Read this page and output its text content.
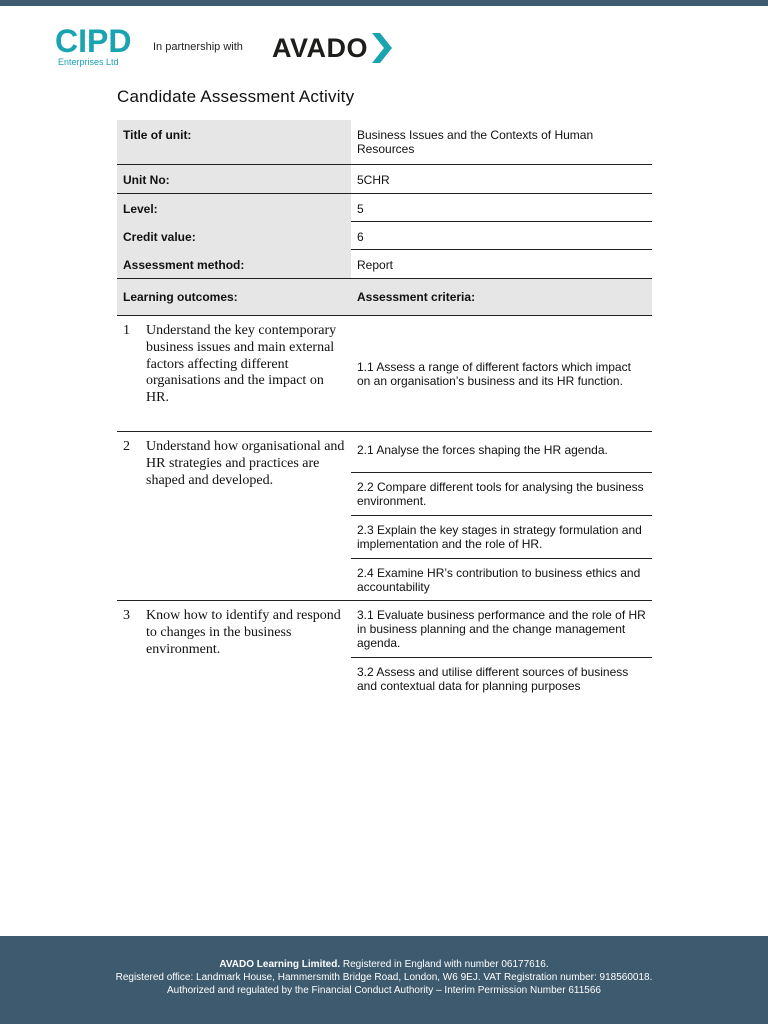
CIPD
Enterprises Ltd
In partnership with AVADO
Candidate Assessment Activity
Title of unit:	Business Issues and the Contexts of Human Resources
Unit No:	5CHR
Level:	5
Credit value:	6
Assessment method:	Report
Learning outcomes:	Assessment criteria:
1	Understand the key contemporary business issues and main external factors affecting different organisations and the impact on HR.
1.1 Assess a range of different factors which impact on an organisation’s business and its HR function.
2	Understand how organisational and HR strategies and practices are shaped and developed.
2.1 Analyse the forces shaping the HR agenda.
2.2 Compare different tools for analysing the business environment.
2.3 Explain the key stages in strategy formulation and implementation and the role of HR.
2.4 Examine HR’s contribution to business ethics and accountability
3	Know how to identify and respond to changes in the business environment.
3.1 Evaluate business performance and the role of HR in business planning and the change management agenda.
3.2 Assess and utilise different sources of business and contextual data for planning purposes
AVADO Learning Limited. Registered in England with number 06177616.
Registered office: Landmark House, Hammersmith Bridge Road, London, W6 9EJ. VAT Registration number: 918560018.
Authorized and regulated by the Financial Conduct Authority – Interim Permission Number 611566
